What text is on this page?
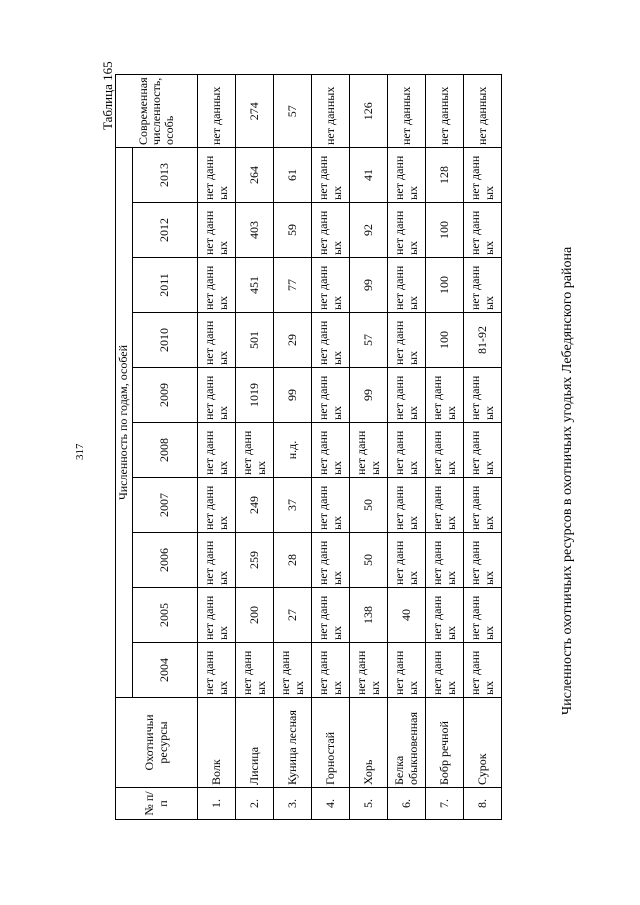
Численность охотничьих ресурсов в охотничьих угодьях Лебедянского района
Таблица 165
317
№ п/п	Охотничьи ресурсы	Численность по годам, особей										Современная численность, особь
		2004	2005	2006	2007	2008	2009	2010	2011	2012	2013	
1.	Волк	нет данных	нет данных	нет данных	нет данных	нет данных	нет данных	нет данных	нет данных	нет данных	нет данных	нет данных
2.	Лисица	нет данных	200	259	249	нет данных	1019	501	451	403	264	274
3.	Куница лесная	нет данных	27	28	37	н.д.	99	29	77	59	61	57
4.	Горностай	нет данных	нет данных	нет данных	нет данных	нет данных	нет данных	нет данных	нет данных	нет данных	нет данных	нет данных
5.	Хорь	нет данных	138	50	50	нет данных	99	57	99	92	41	126
6.	Белка обыкновенная	нет данных	40	нет данных	нет данных	нет данных	нет данных	нет данных	нет данных	нет данных	нет данных	нет данных
7.	Бобр речной	нет данных	нет данных	нет данных	нет данных	нет данных	нет данных	100	100	100	128	нет данных
8.	Сурок	нет данных	нет данных	нет данных	нет данных	нет данных	нет данных	81-92	нет данных	нет данных	нет данных	нет данных
